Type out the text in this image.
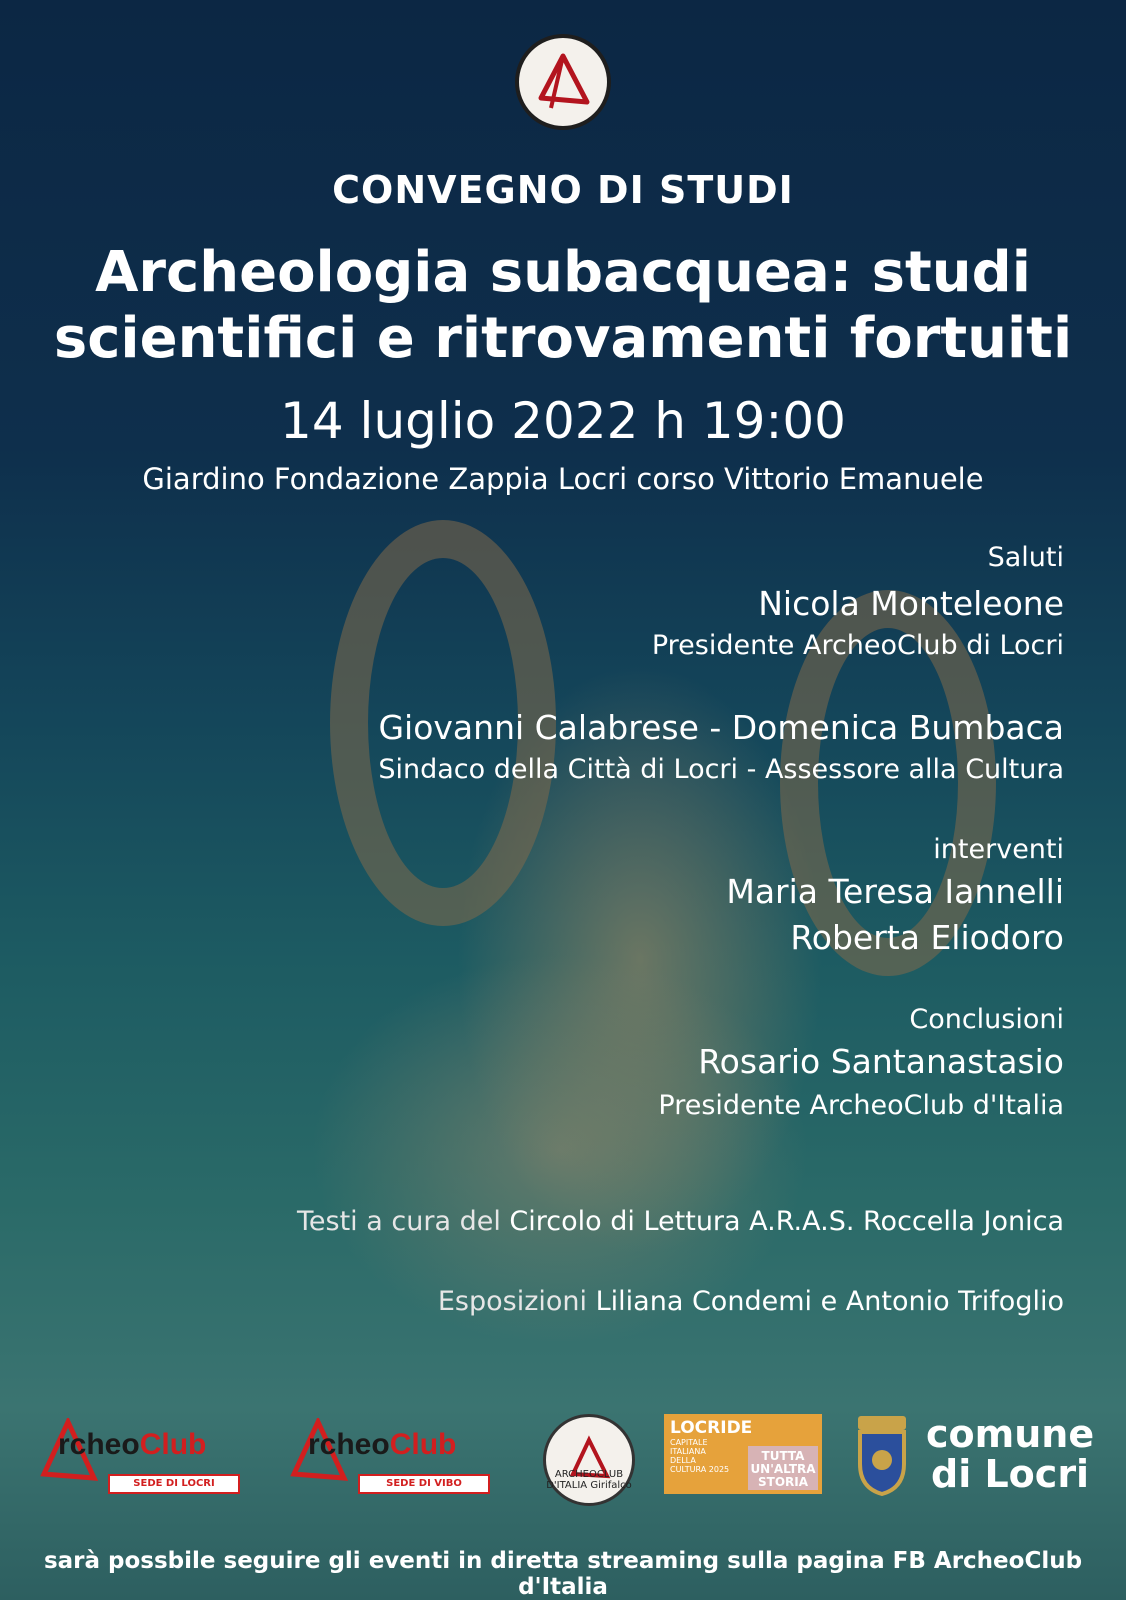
CONVEGNO DI STUDI
Archeologia subacquea: studi
scientifici e ritrovamenti fortuiti
14 luglio 2022 h 19:00
Giardino Fondazione Zappia Locri corso Vittorio Emanuele
Saluti
Nicola Monteleone
Presidente ArcheoClub di Locri
Giovanni Calabrese - Domenica Bumbaca
Sindaco della Città di Locri - Assessore alla Cultura
interventi
Maria Teresa Iannelli
Roberta Eliodoro
Conclusioni
Rosario Santanastasio
Presidente ArcheoClub d'Italia
Testi a cura del Circolo di Lettura A.R.A.S. Roccella Jonica
Esposizioni Liliana Condemi e Antonio Trifoglio
rcheoClub
SEDE DI LOCRI
rcheoClub
SEDE DI VIBO
ARCHEOCLUB D'ITALIA Girifalco
LOCRIDE
CAPITALE ITALIANA DELLA CULTURA 2025
TUTTA UN'ALTRA STORIA
comune
di Locri
sarà possbile seguire gli eventi in diretta streaming sulla pagina FB ArcheoClub d'Italia
